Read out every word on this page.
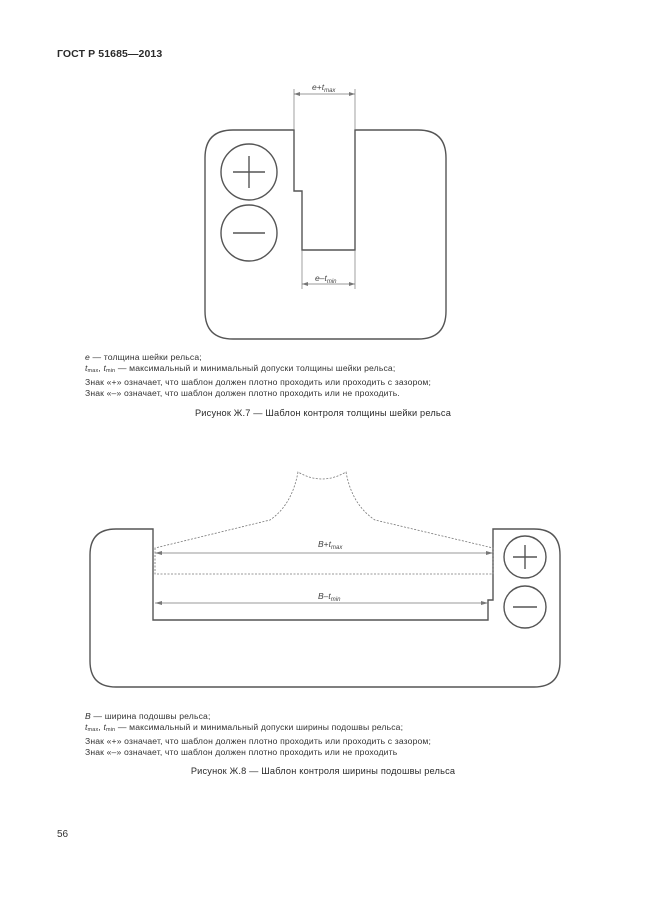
ГОСТ Р 51685—2013
$e+t_{max}$
$e-t_{min}$
$B+t_{max}$
$B-t_{min}$
e — толщина шейки рельса;
$t_{max}$, $t_{min}$ — максимальный и минимальный допуски толщины шейки рельса;
Знак «+» означает, что шаблон должен плотно проходить или проходить с зазором;
Знак «–» означает, что шаблон должен плотно проходить или не проходить.
Рисунок Ж.7 — Шаблон контроля толщины шейки рельса
B — ширина подошвы рельса;
$t_{max}$, $t_{min}$ — максимальный и минимальный допуски ширины подошвы рельса;
Знак «+» означает, что шаблон должен плотно проходить или проходить с зазором;
Знак «–» означает, что шаблон должен плотно проходить или не проходить
Рисунок Ж.8 — Шаблон контроля ширины подошвы рельса
56
